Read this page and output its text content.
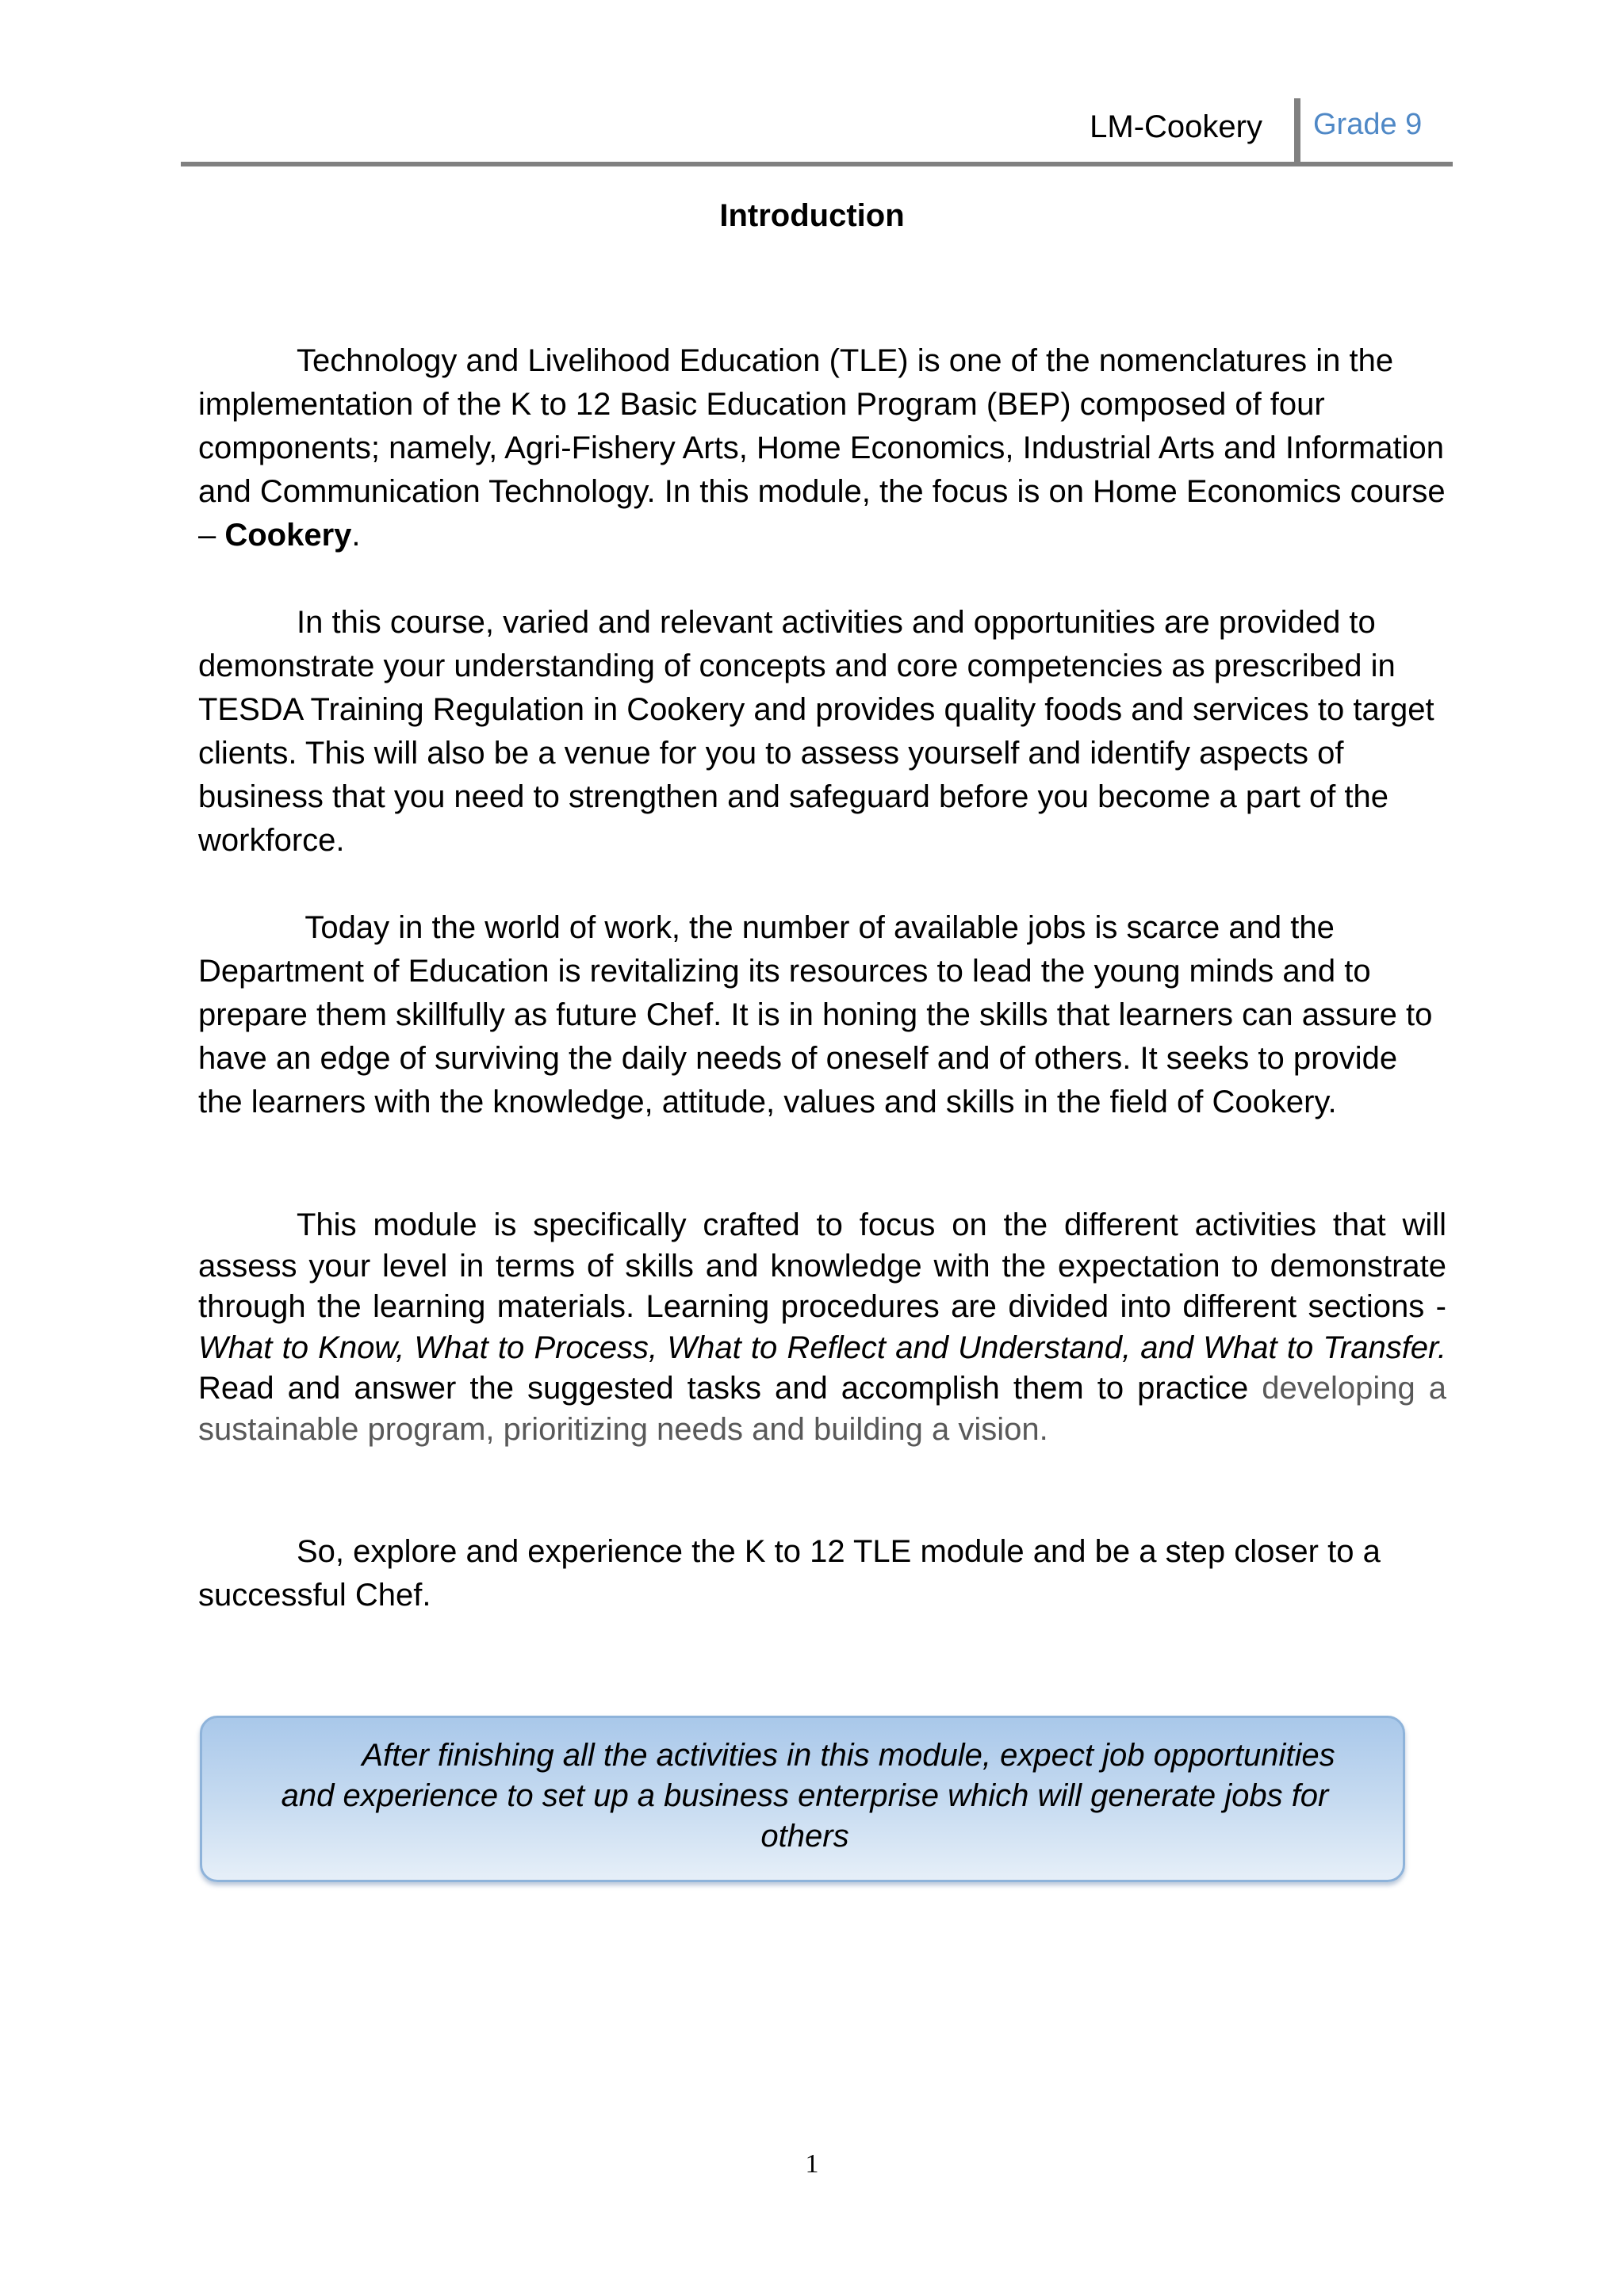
LM-Cookery Grade 9
Introduction

Technology and Livelihood Education (TLE) is one of the nomenclatures in the implementation of the K to 12 Basic Education Program (BEP) composed of four components; namely, Agri-Fishery Arts, Home Economics, Industrial Arts and Information and Communication Technology. In this module, the focus is on Home Economics course – Cookery.

In this course, varied and relevant activities and opportunities are provided to demonstrate your understanding of concepts and core competencies as prescribed in TESDA Training Regulation in Cookery and provides quality foods and services to target clients. This will also be a venue for you to assess yourself and identify aspects of business that you need to strengthen and safeguard before you become a part of the workforce.

Today in the world of work, the number of available jobs is scarce and the Department of Education is revitalizing its resources to lead the young minds and to prepare them skillfully as future Chef. It is in honing the skills that learners can assure to have an edge of surviving the daily needs of oneself and of others. It seeks to provide the learners with the knowledge, attitude, values and skills in the field of Cookery.

This module is specifically crafted to focus on the different activities that will assess your level in terms of skills and knowledge with the expectation to demonstrate through the learning materials. Learning procedures are divided into different sections - What to Know, What to Process, What to Reflect and Understand, and What to Transfer. Read and answer the suggested tasks and accomplish them to practice developing a sustainable program, prioritizing needs and building a vision.

So, explore and experience the K to 12 TLE module and be a step closer to a successful Chef.

After finishing all the activities in this module, expect job opportunities and experience to set up a business enterprise which will generate jobs for others

1
